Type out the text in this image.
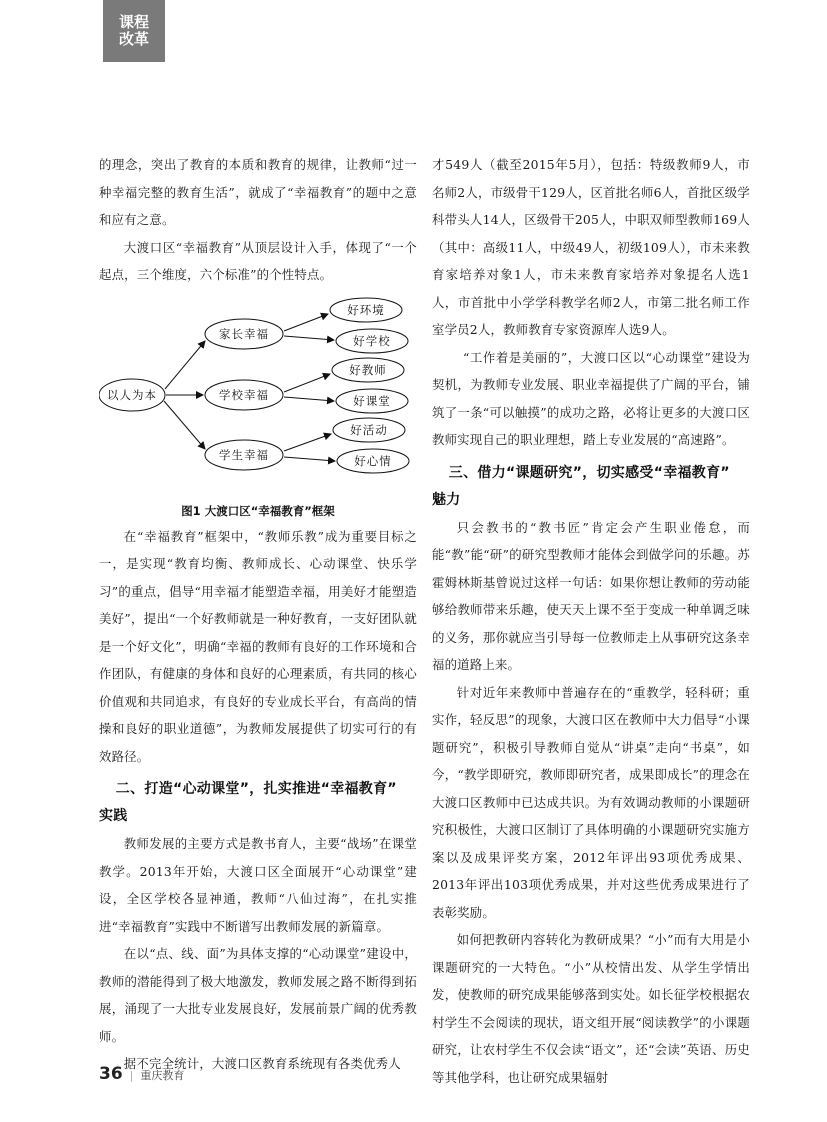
课程
改革

的理念，突出了教育的本质和教育的规律，让教师“过一种幸福完整的教育生活”，就成了“幸福教育”的题中之意和应有之意。

大渡口区“幸福教育”从顶层设计入手，体现了“一个起点，三个维度，六个标准”的个性特点。

以人为本
家长幸福
学校幸福
学生幸福
好环境
好学校
好教师
好课堂
好活动
好心情
图1 大渡口区“幸福教育”框架

在“幸福教育”框架中，“教师乐教”成为重要目标之一，是实现“教育均衡、教师成长、心动课堂、快乐学习”的重点，倡导“用幸福才能塑造幸福，用美好才能塑造美好”，提出“一个好教师就是一种好教育，一支好团队就是一个好文化”，明确“幸福的教师有良好的工作环境和合作团队，有健康的身体和良好的心理素质，有共同的核心价值观和共同追求，有良好的专业成长平台，有高尚的情操和良好的职业道德”，为教师发展提供了切实可行的有效路径。

二、打造“心动课堂”，扎实推进“幸福教育”
实践

教师发展的主要方式是教书育人，主要“战场”在课堂教学。2013年开始，大渡口区全面展开“心动课堂”建设，全区学校各显神通，教师“八仙过海”，在扎实推进“幸福教育”实践中不断谱写出教师发展的新篇章。

在以“点、线、面”为具体支撑的“心动课堂”建设中，教师的潜能得到了极大地激发，教师发展之路不断得到拓展，涌现了一大批专业发展良好，发展前景广阔的优秀教师。

据不完全统计，大渡口区教育系统现有各类优秀人

才549人（截至2015年5月），包括：特级教师9人，市名师2人，市级骨干129人，区首批名师6人，首批区级学科带头人14人，区级骨干205人，中职双师型教师169人（其中：高级11人，中级49人，初级109人），市未来教育家培养对象1人，市未来教育家培养对象提名人选1人，市首批中小学学科教学名师2人，市第二批名师工作室学员2人，教师教育专家资源库人选9人。

“工作着是美丽的”，大渡口区以“心动课堂”建设为契机，为教师专业发展、职业幸福提供了广阔的平台，铺筑了一条“可以触摸”的成功之路，必将让更多的大渡口区教师实现自己的职业理想，踏上专业发展的“高速路”。

三、借力“课题研究”，切实感受“幸福教育”
魅力

只会教书的“教书匠”肯定会产生职业倦怠，而能“教”能“研”的研究型教师才能体会到做学问的乐趣。苏霍姆林斯基曾说过这样一句话：如果你想让教师的劳动能够给教师带来乐趣，使天天上课不至于变成一种单调乏味的义务，那你就应当引导每一位教师走上从事研究这条幸福的道路上来。

针对近年来教师中普遍存在的“重教学，轻科研；重实作，轻反思”的现象，大渡口区在教师中大力倡导“小课题研究”，积极引导教师自觉从“讲桌”走向“书桌”，如今，“教学即研究，教师即研究者，成果即成长”的理念在大渡口区教师中已达成共识。为有效调动教师的小课题研究积极性，大渡口区制订了具体明确的小课题研究实施方案以及成果评奖方案，2012年评出93项优秀成果、2013年评出103项优秀成果，并对这些优秀成果进行了表彰奖励。

如何把教研内容转化为教研成果？“小”而有大用是小课题研究的一大特色。“小”从校情出发、从学生学情出发，使教师的研究成果能够落到实处。如长征学校根据农村学生不会阅读的现状，语文组开展“阅读教学”的小课题研究，让农村学生不仅会读“语文”，还“会读”英语、历史等其他学科，也让研究成果辐射

36 | 重庆教育
